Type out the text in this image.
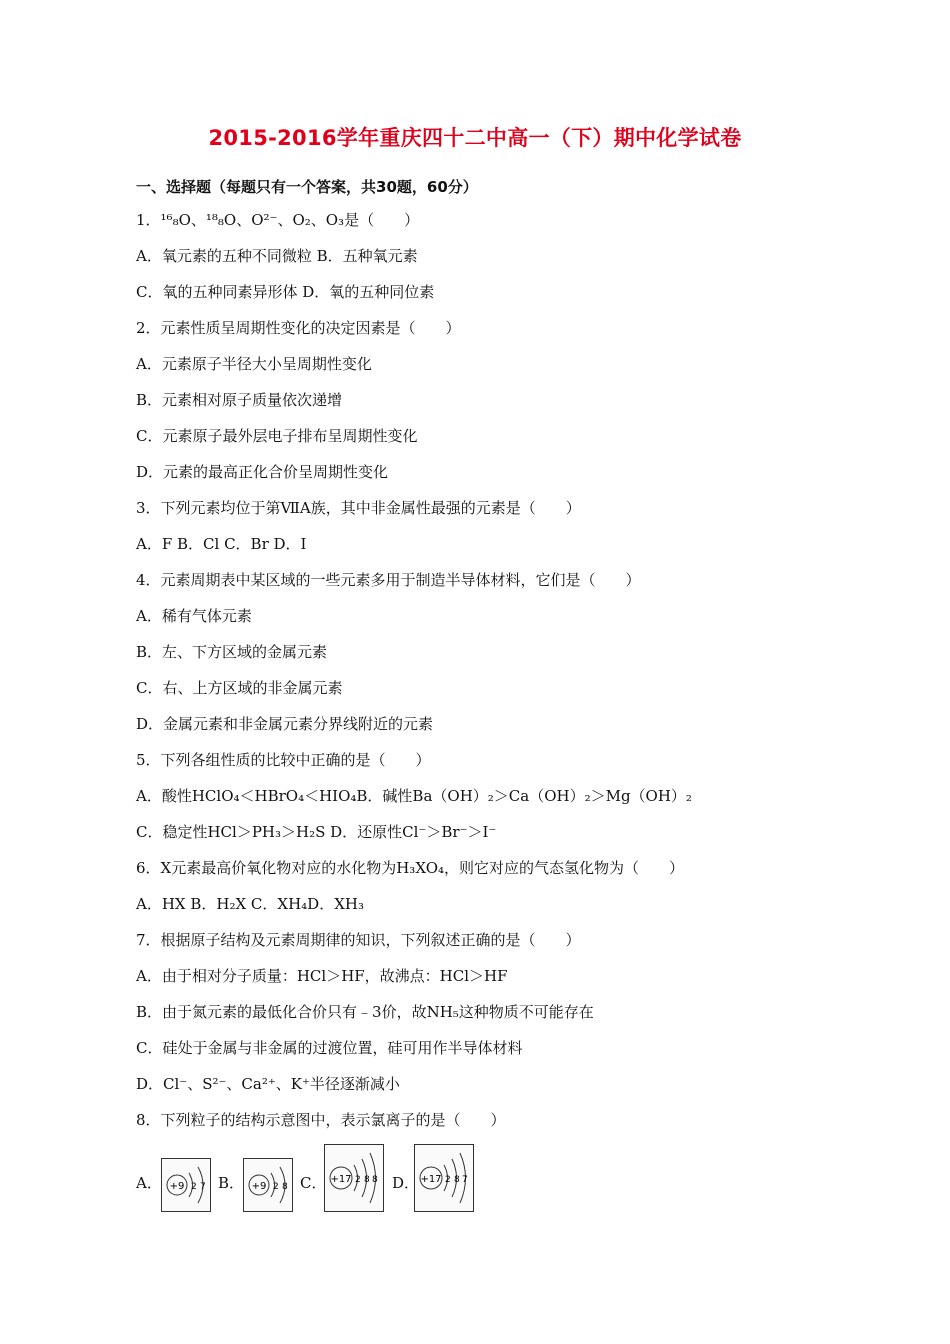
2015-2016学年重庆四十二中高一（下）期中化学试卷
一、选择题（每题只有一个答案，共30题，60分）
1．¹⁶₈O、¹⁸₈O、O²⁻、O₂、O₃是（　　）
A．氧元素的五种不同微粒 B．五种氧元素
C．氧的五种同素异形体 D．氧的五种同位素
2．元素性质呈周期性变化的决定因素是（　　）
A．元素原子半径大小呈周期性变化
B．元素相对原子质量依次递增
C．元素原子最外层电子排布呈周期性变化
D．元素的最高正化合价呈周期性变化
3．下列元素均位于第ⅦA族，其中非金属性最强的元素是（　　）
A．F B．Cl C．Br D．I
4．元素周期表中某区域的一些元素多用于制造半导体材料，它们是（　　）
A．稀有气体元素
B．左、下方区域的金属元素
C．右、上方区域的非金属元素
D．金属元素和非金属元素分界线附近的元素
5．下列各组性质的比较中正确的是（　　）
A．酸性HClO₄＜HBrO₄＜HIO₄B．碱性Ba（OH）₂＞Ca（OH）₂＞Mg（OH）₂
C．稳定性HCl＞PH₃＞H₂S D．还原性Cl⁻＞Br⁻＞I⁻
6．X元素最高价氧化物对应的水化物为H₃XO₄，则它对应的气态氢化物为（　　）
A．HX B．H₂X C．XH₄D．XH₃
7．根据原子结构及元素周期律的知识，下列叙述正确的是（　　）
A．由于相对分子质量：HCl＞HF，故沸点：HCl＞HF
B．由于氮元素的最低化合价只有﹣3价，故NH₅这种物质不可能存在
C．硅处于金属与非金属的过渡位置，硅可用作半导体材料
D．Cl⁻、S²⁻、Ca²⁺、K⁺半径逐渐减小
8．下列粒子的结构示意图中，表示氯离子的是（　　）
A． +9 2 7 B． +9 2 8 C． +17 2 8 8 D． +17 2 8 7
